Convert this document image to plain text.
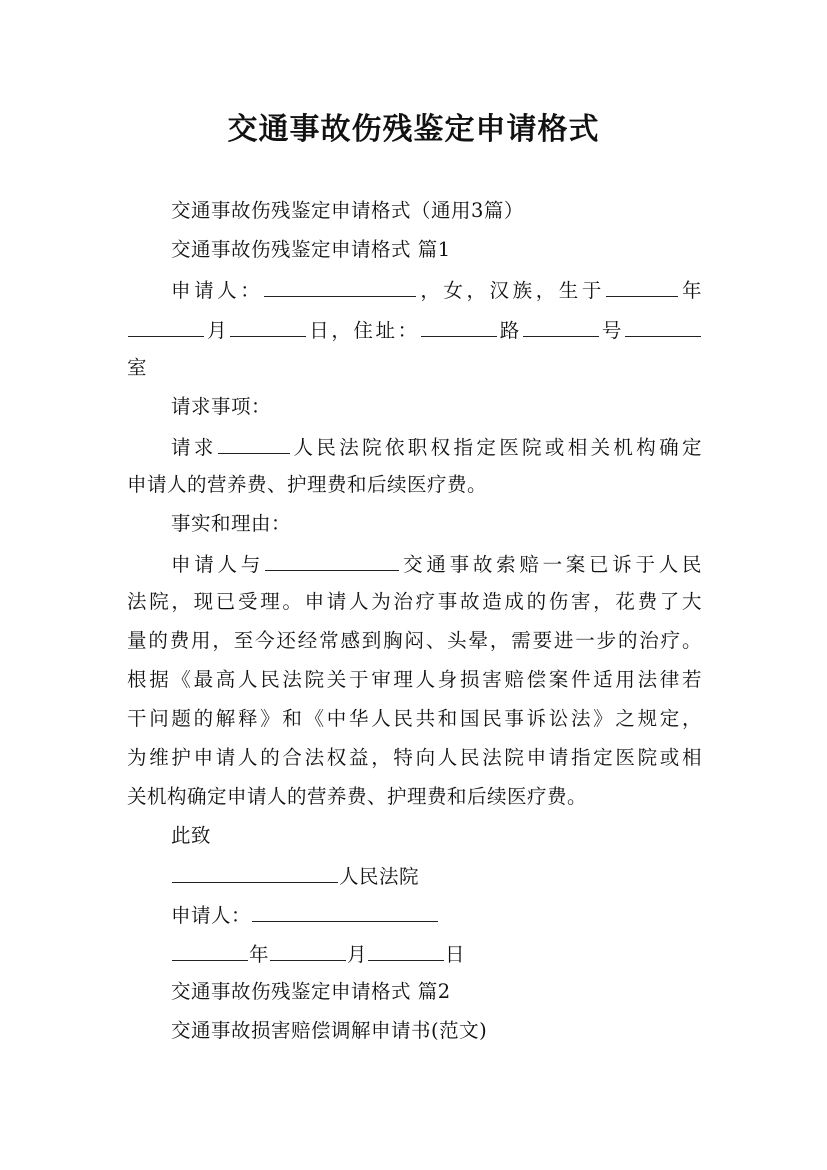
交通事故伤残鉴定申请格式
交通事故伤残鉴定申请格式（通用3篇）
交通事故伤残鉴定申请格式 篇1
申请人：	，女，汉族，生于	年
月	日，住址：	路	号
室
请求事项：
请求	人民法院依职权指定医院或相关机构确定
申请人的营养费、护理费和后续医疗费。
事实和理由：
申请人与	交通事故索赔一案已诉于人民
法院，现已受理。申请人为治疗事故造成的伤害，花费了大
量的费用，至今还经常感到胸闷、头晕，需要进一步的治疗。
根据《最高人民法院关于审理人身损害赔偿案件适用法律若
干问题的解释》和《中华人民共和国民事诉讼法》之规定，
为维护申请人的合法权益，特向人民法院申请指定医院或相
关机构确定申请人的营养费、护理费和后续医疗费。
此致
人民法院
申请人：
年	月	日
交通事故伤残鉴定申请格式 篇2
交通事故损害赔偿调解申请书(范文)
